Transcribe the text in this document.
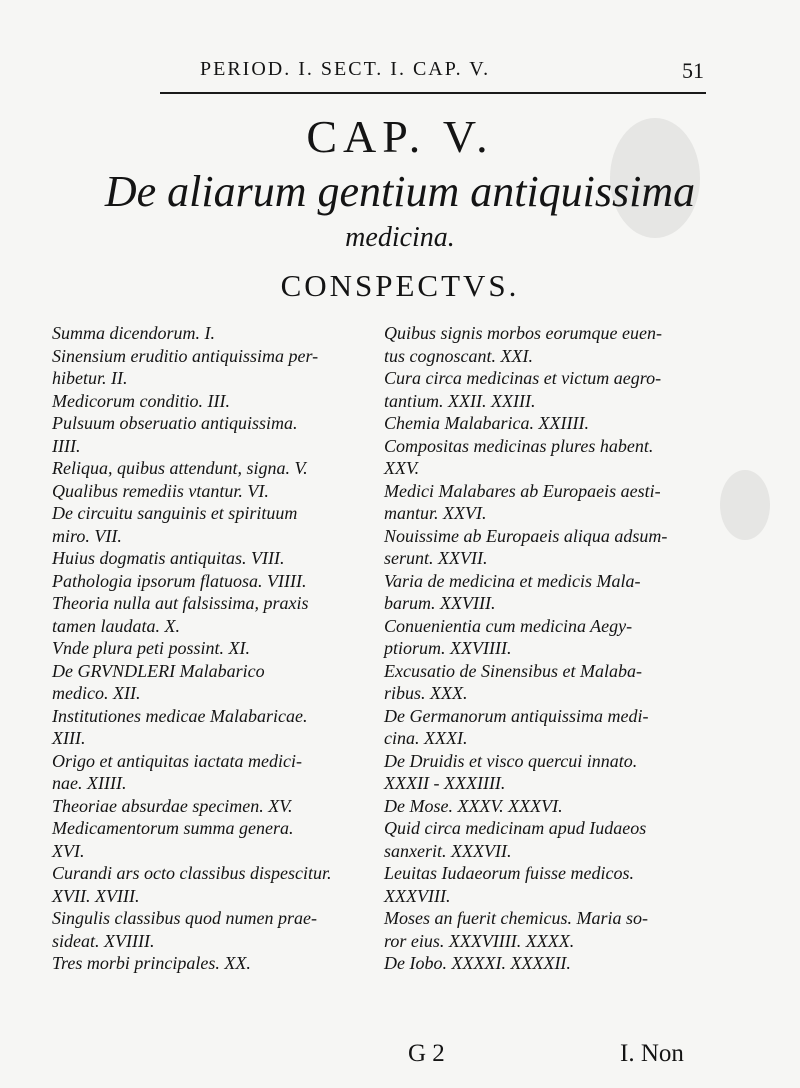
PERIOD. I. SECT. I. CAP. V.	51
CAP. V.
De aliarum gentium antiquissima
medicina.
CONSPECTVS.

Summa dicendorum. I.

Sinensium eruditio antiquissima per-

hibetur. II.

Medicorum conditio. III.

Pulsuum obseruatio antiquissima.

IIII.

Reliqua, quibus attendunt, signa. V.

Qualibus remediis vtantur. VI.

De circuitu sanguinis et spirituum

miro. VII.

Huius dogmatis antiquitas. VIII.

Pathologia ipsorum flatuosa. VIIII.

Theoria nulla aut falsissima, praxis

tamen laudata. X.

Vnde plura peti possint. XI.

De GRVNDLERI Malabarico

medico. XII.

Institutiones medicae Malabaricae.

XIII.

Origo et antiquitas iactata medici-

nae. XIIII.

Theoriae absurdae specimen. XV.

Medicamentorum summa genera.

XVI.

Curandi ars octo classibus dispescitur.

XVII. XVIII.

Singulis classibus quod numen prae-

sideat. XVIIII.

Tres morbi principales. XX.

Quibus signis morbos eorumque euen-

tus cognoscant. XXI.

Cura circa medicinas et victum aegro-

tantium. XXII. XXIII.

Chemia Malabarica. XXIIII.

Compositas medicinas plures habent.

XXV.

Medici Malabares ab Europaeis aesti-

mantur. XXVI.

Nouissime ab Europaeis aliqua adsum-

serunt. XXVII.

Varia de medicina et medicis Mala-

barum. XXVIII.

Conuenientia cum medicina Aegy-

ptiorum. XXVIIII.

Excusatio de Sinensibus et Malaba-

ribus. XXX.

De Germanorum antiquissima medi-

cina. XXXI.

De Druidis et visco quercui innato.

XXXII - XXXIIII.

De Mose. XXXV. XXXVI.

Quid circa medicinam apud Iudaeos

sanxerit. XXXVII.

Leuitas Iudaeorum fuisse medicos.

XXXVIII.

Moses an fuerit chemicus. Maria so-

ror eius. XXXVIIII. XXXX.

De Iobo. XXXXI. XXXXII.

G 2	I. Non
